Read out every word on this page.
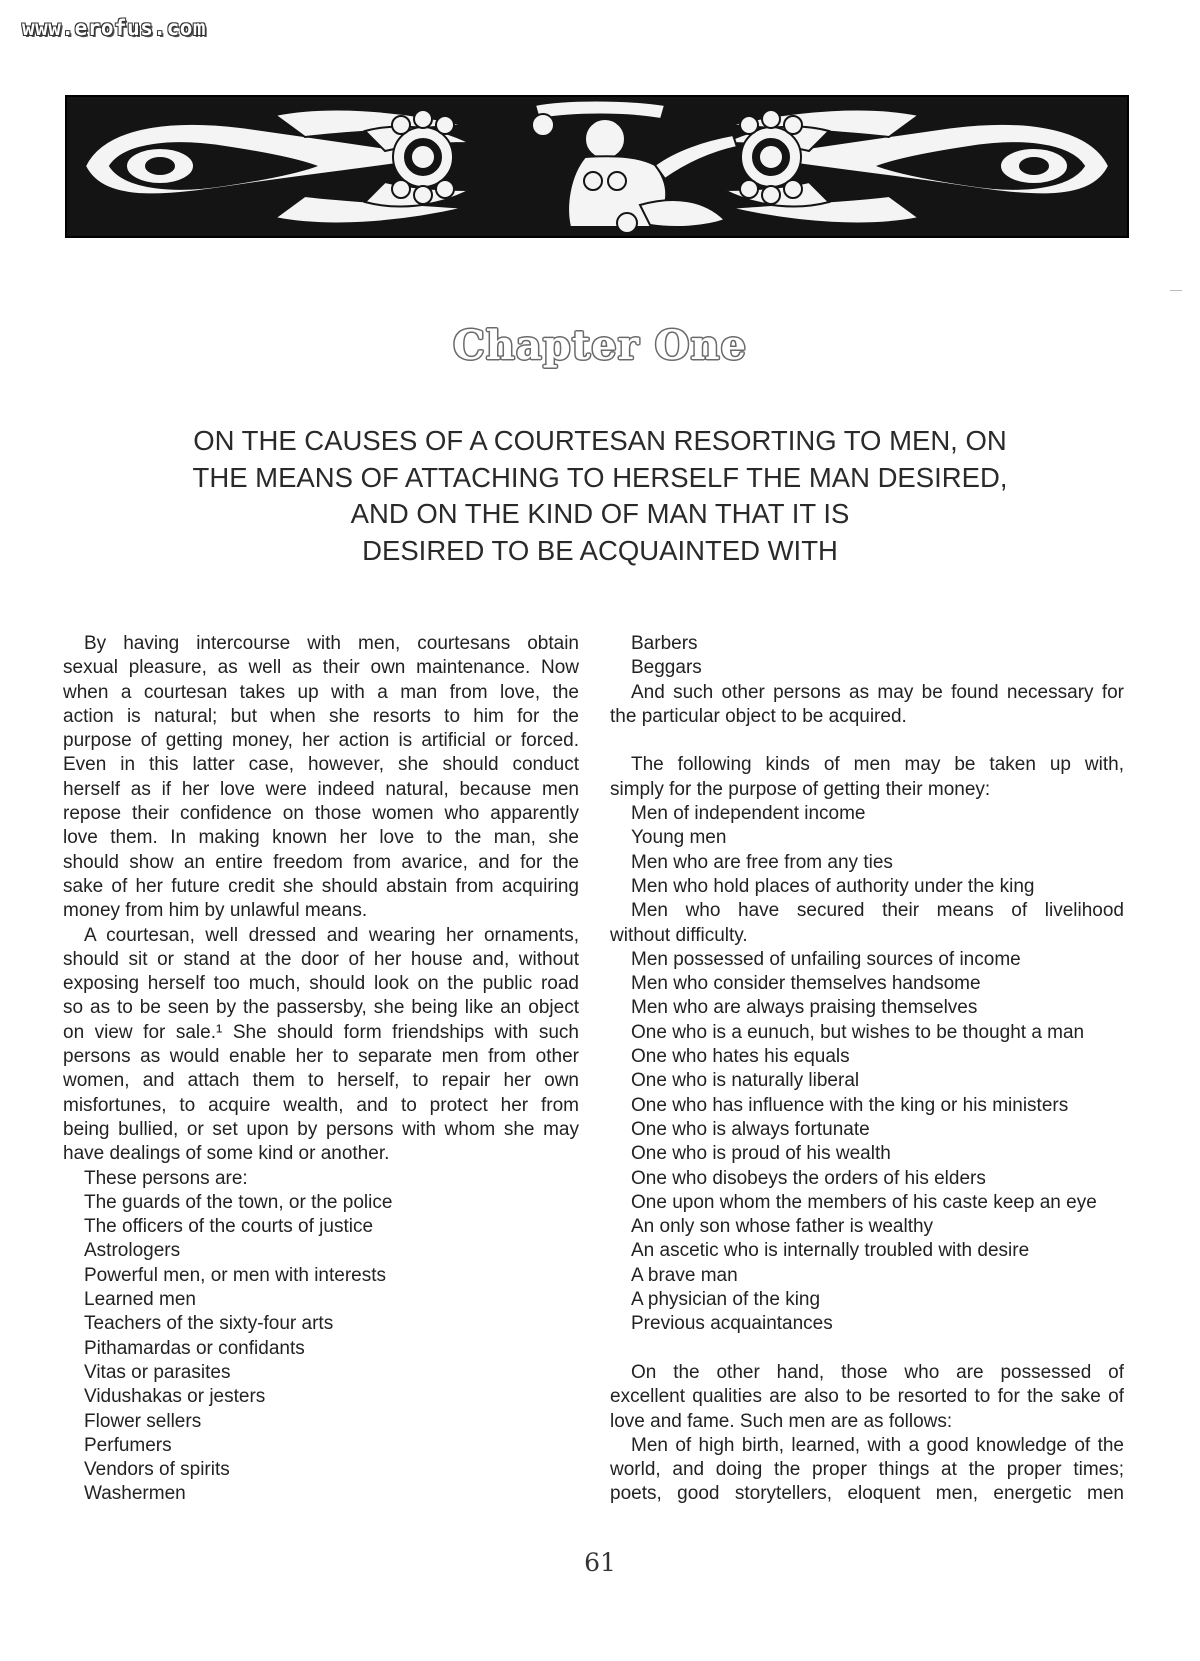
www.erofus.com
Chapter One
ON THE CAUSES OF A COURTESAN RESORTING TO MEN, ON
THE MEANS OF ATTACHING TO HERSELF THE MAN DESIRED,
AND ON THE KIND OF MAN THAT IT IS
DESIRED TO BE ACQUAINTED WITH
By having intercourse with men, courtesans obtain
sexual pleasure, as well as their own maintenance. Now
when a courtesan takes up with a man from love, the
action is natural; but when she resorts to him for the
purpose of getting money, her action is artificial or forced.
Even in this latter case, however, she should conduct
herself as if her love were indeed natural, because men
repose their confidence on those women who apparently
love them. In making known her love to the man, she
should show an entire freedom from avarice, and for the
sake of her future credit she should abstain from acquiring
money from him by unlawful means.
A courtesan, well dressed and wearing her ornaments,
should sit or stand at the door of her house and, without
exposing herself too much, should look on the public road
so as to be seen by the passersby, she being like an object
on view for sale.¹ She should form friendships with such
persons as would enable her to separate men from other
women, and attach them to herself, to repair her own
misfortunes, to acquire wealth, and to protect her from
being bullied, or set upon by persons with whom she may
have dealings of some kind or another.
These persons are:
The guards of the town, or the police
The officers of the courts of justice
Astrologers
Powerful men, or men with interests
Learned men
Teachers of the sixty-four arts
Pithamardas or confidants
Vitas or parasites
Vidushakas or jesters
Flower sellers
Perfumers
Vendors of spirits
Washermen
Barbers
Beggars
And such other persons as may be found necessary for
the particular object to be acquired.
The following kinds of men may be taken up with,
simply for the purpose of getting their money:
Men of independent income
Young men
Men who are free from any ties
Men who hold places of authority under the king
Men who have secured their means of livelihood
without difficulty.
Men possessed of unfailing sources of income
Men who consider themselves handsome
Men who are always praising themselves
One who is a eunuch, but wishes to be thought a man
One who hates his equals
One who is naturally liberal
One who has influence with the king or his ministers
One who is always fortunate
One who is proud of his wealth
One who disobeys the orders of his elders
One upon whom the members of his caste keep an eye
An only son whose father is wealthy
An ascetic who is internally troubled with desire
A brave man
A physician of the king
Previous acquaintances
On the other hand, those who are possessed of
excellent qualities are also to be resorted to for the sake of
love and fame. Such men are as follows:
Men of high birth, learned, with a good knowledge of the
world, and doing the proper things at the proper times;
poets, good storytellers, eloquent men, energetic men
61
